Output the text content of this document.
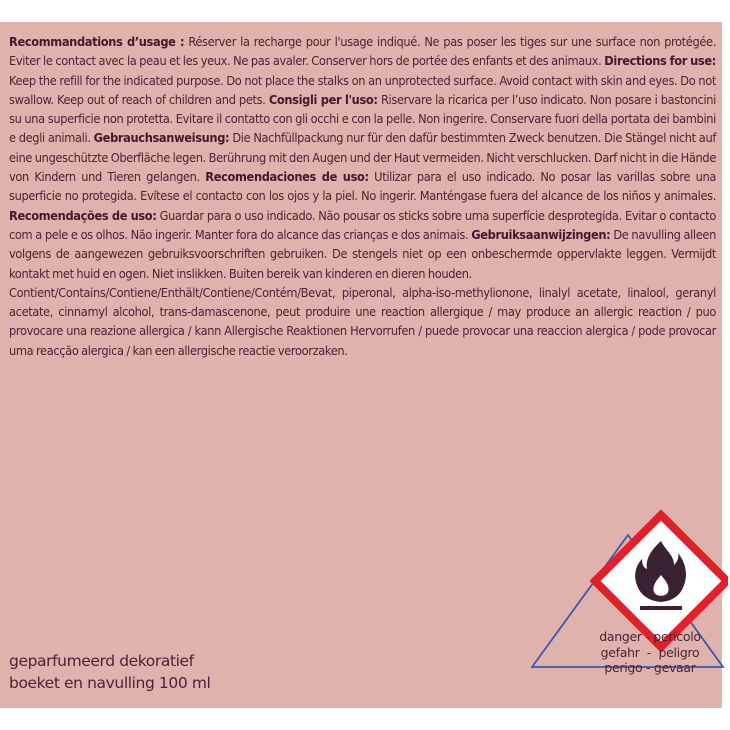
Recommandations d’usage : Réserver la recharge pour l'usage indiqué. Ne pas poser les tiges sur une surface non protégée. Eviter le contact avec la peau et les yeux. Ne pas avaler. Conserver hors de portée des enfants et des animaux. Directions for use: Keep the refill for the indicated purpose. Do not place the stalks on an unprotected surface. Avoid contact with skin and eyes. Do not swallow. Keep out of reach of children and pets. Consigli per l'uso: Riservare la ricarica per l’uso indicato. Non posare i bastoncini su una superficie non protetta. Evitare il contatto con gli occhi e con la pelle. Non ingerire. Conservare fuori della portata dei bambini e degli animali. Gebrauchsanweisung: Die Nachfüllpackung nur für den dafür bestimmten Zweck benutzen. Die Stängel nicht auf eine ungeschützte Oberfläche legen. Berührung mit den Augen und der Haut vermeiden. Nicht verschlucken. Darf nicht in die Hände von Kindern und Tieren gelangen. Recomendaciones de uso: Utilizar para el uso indicado. No posar las varillas sobre una superficie no protegida. Evítese el contacto con los ojos y la piel. No ingerir. Manténgase fuera del alcance de los niños y animales. Recomendações de uso: Guardar para o uso indicado. Não pousar os sticks sobre uma superfície desprotegida. Evitar o contacto com a pele e os olhos. Não ingerir. Manter fora do alcance das crianças e dos animais. Gebruiksaanwijzingen: De navulling alleen volgens de aangewezen gebruiksvoorschriften gebruiken. De stengels niet op een onbeschermde oppervlakte leggen. Vermijdt kontakt met huid en ogen. Niet inslikken. Buiten bereik van kinderen en dieren houden.

Contient/Contains/Contiene/Enthält/Contiene/Contém/Bevat, piperonal, alpha-iso-methylionone, linalyl acetate, linalool, geranyl acetate, cinnamyl alcohol, trans-damascenone, peut produire une reaction allergique / may produce an allergic reaction / puo provocare una reazione allergica / kann Allergische Reaktionen Hervorrufen / puede provocar una reaccion alergica / pode provocar uma reacção alergica / kan een allergische reactie veroorzaken.

geparfumeerd dekoratief
boeket en navulling 100 ml
danger - pericolo
gefahr  -  peligro
perigo - gevaar
